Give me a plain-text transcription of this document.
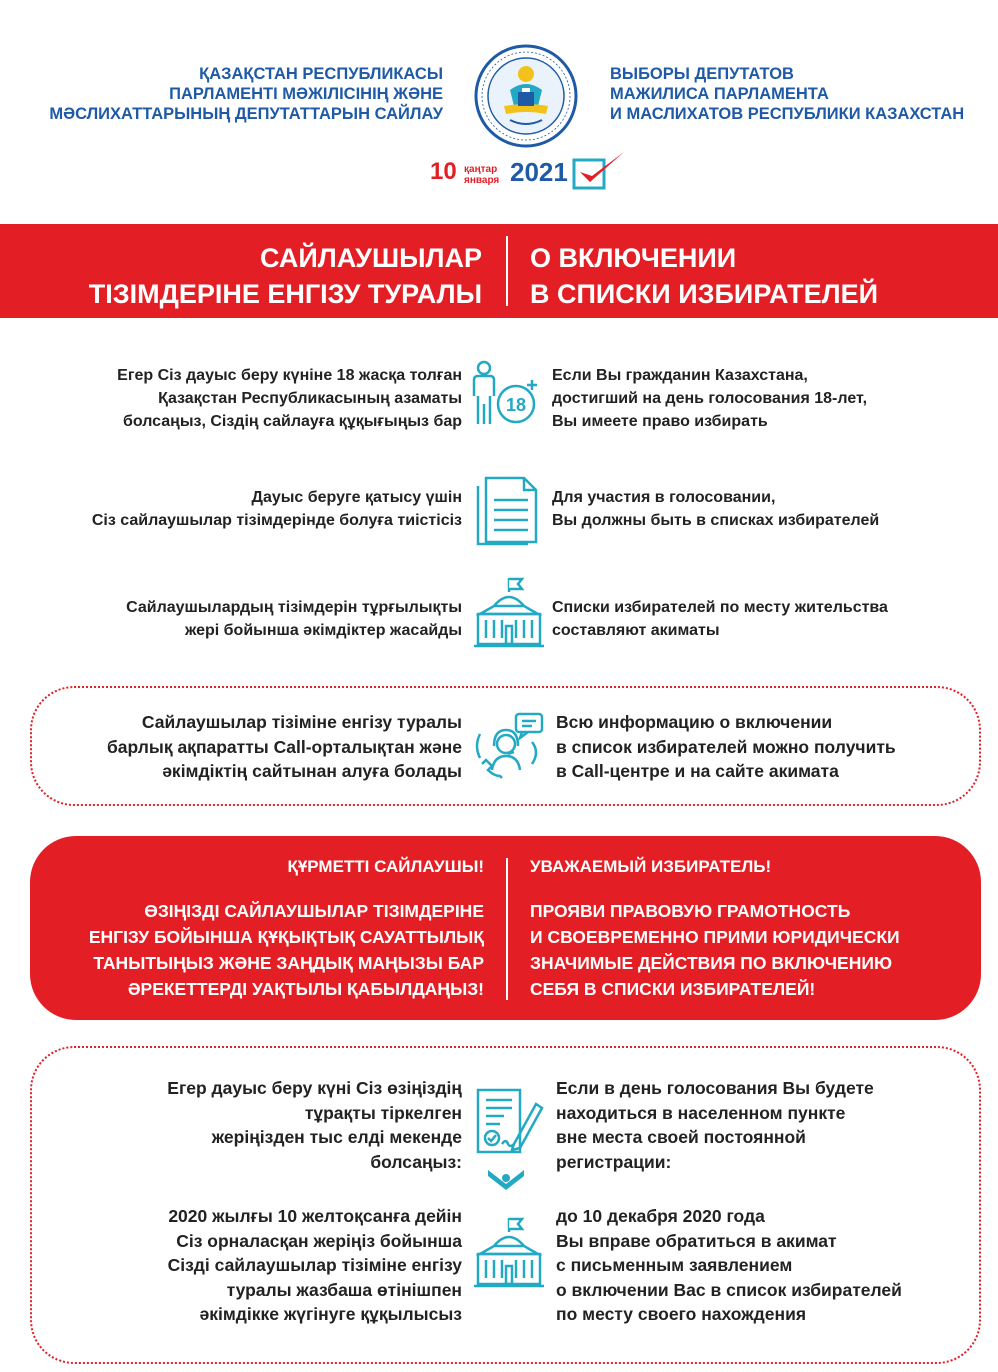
ҚАЗАҚСТАН РЕСПУБЛИКАСЫ
ПАРЛАМЕНТІ МӘЖІЛІСІНІҢ ЖӘНЕ
МӘСЛИХАТТАРЫНЫҢ ДЕПУТАТТАРЫН САЙЛАУ
ВЫБОРЫ ДЕПУТАТОВ
МАЖИЛИСА ПАРЛАМЕНТА
И МАСЛИХАТОВ РЕСПУБЛИКИ КАЗАХСТАН
10 қаңтар
января 2021
САЙЛАУШЫЛАР
ТІЗІМДЕРІНЕ ЕНГІЗУ ТУРАЛЫ
О ВКЛЮЧЕНИИ
В СПИСКИ ИЗБИРАТЕЛЕЙ
Егер Сіз дауыс беру күніне 18 жасқа толған
Қазақстан Республикасының азаматы
болсаңыз, Сіздің сайлауға құқығыңыз бар
18
Если Вы гражданин Казахстана,
достигший на день голосования 18-лет,
Вы имеете право избирать
Дауыс беруге қатысу үшін
Сіз сайлаушылар тізімдерінде болуға тиістісіз
Для участия в голосовании,
Вы должны быть в списках избирателей
Сайлаушылардың тізімдерін тұрғылықты
жері бойынша әкімдіктер жасайды
Списки избирателей по месту жительства
составляют акиматы
Сайлаушылар тізіміне енгізу туралы
барлық ақпаратты Call-орталықтан және
әкімдіктің сайтынан алуға болады
Всю информацию о включении
в список избирателей можно получить
в Call-центре и на сайте акимата
ҚҰРМЕТТІ САЙЛАУШЫ!	УВАЖАЕМЫЙ ИЗБИРАТЕЛЬ!
ӨЗІҢІЗДІ САЙЛАУШЫЛАР ТІЗІМДЕРІНЕ
ЕНГІЗУ БОЙЫНША ҚҰҚЫҚТЫҚ САУАТТЫЛЫҚ
ТАНЫТЫҢЫЗ ЖӘНЕ ЗАҢДЫҚ МАҢЫЗЫ БАР
ӘРЕКЕТТЕРДІ УАҚТЫЛЫ ҚАБЫЛДАҢЫЗ!
ПРОЯВИ ПРАВОВУЮ ГРАМОТНОСТЬ
И СВОЕВРЕМЕННО ПРИМИ ЮРИДИЧЕСКИ
ЗНАЧИМЫЕ ДЕЙСТВИЯ ПО ВКЛЮЧЕНИЮ
СЕБЯ В СПИСКИ ИЗБИРАТЕЛЕЙ!
Егер дауыс беру күні Сіз өзіңіздің
тұрақты тіркелген
жеріңізден тыс елді мекенде
болсаңыз:
Если в день голосования Вы будете
находиться в населенном пункте
вне места своей постоянной
регистрации:
2020 жылғы 10 желтоқсанға дейін
Сіз орналасқан жеріңіз бойынша
Сізді сайлаушылар тізіміне енгізу
туралы жазбаша өтінішпен
әкімдікке жүгінуге құқылысыз
до 10 декабря 2020 года
Вы вправе обратиться в акимат
с письменным заявлением
о включении Вас в список избирателей
по месту своего нахождения
